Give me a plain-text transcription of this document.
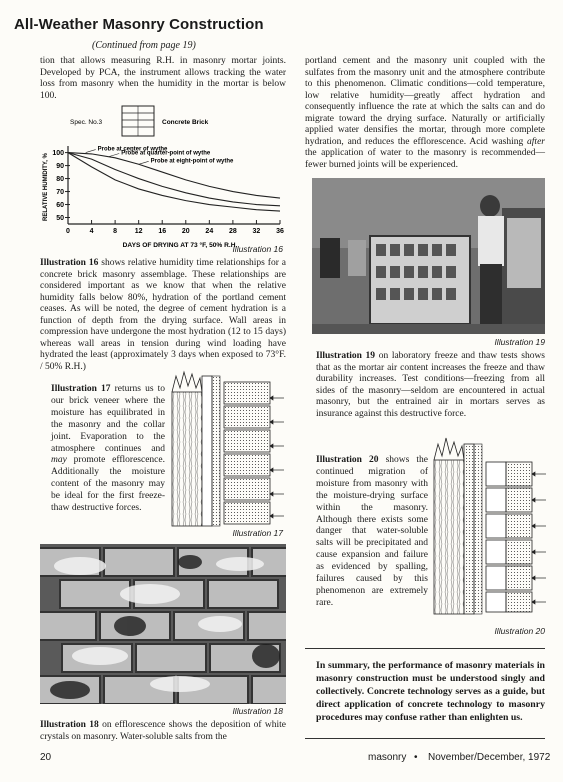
All-Weather Masonry Construction
(Continued from page 19)

tion that allows measuring R.H. in masonry mortar joints. Developed by PCA, the instrument allows tracking the water loss from masonry when the humidity in the mortar is below 100.

Spec. No.3	Concrete Brick
50
60
70
80
90
100
0	4	8	12 16 20 24 28 32 36
DAYS OF DRYING AT 73 °F, 50% R.H.
RELATIVE HUMIDITY, %
Probe at center of wythe
Probe at quarter-point of wythe
Probe at eight-point of wythe
Illustration 16

Illustration 16 shows relative humidity time relationships for a concrete brick masonry assemblage. These relationships are considered important as we know that when the relative humidity falls below 80%, hydration of the portland cement ceases. As will be noted, the degree of cement hydration is a function of depth from the drying surface. Wall areas in compression have undergone the most hydration (12 to 15 days) whereas wall areas in tension during wind loading have hydrated the least (approximately 3 days when exposed to 73°F. / 50% R.H.)

Illustration 17 returns us to our brick veneer where the moisture has equilibrated in the masonry and the collar joint. Evaporation to the atmosphere continues and may promote efflorescence. Additionally the moisture content of the masonry may be ideal for the first freeze-thaw destructive forces.

Illustration 17
Illustration 18

Illustration 18 on efflorescence shows the deposition of white crystals on masonry. Water-soluble salts from the

portland cement and the masonry unit coupled with the sulfates from the masonry unit and the atmosphere contribute to this phenomenon. Climatic conditions—cold temperature, low relative humidity—greatly affect hydration and consequently influence the rate at which the salts can and do migrate toward the drying surface. Naturally or artificially applied water densifies the mortar, through more complete hydration, and reduces the efflorescence. Acid washing after the application of water to the masonry is recommended—fewer burned joints will be experienced.

Illustration 19

Illustration 19 on laboratory freeze and thaw tests shows that as the mortar air content increases the freeze and thaw durability increases. Test conditions—freezing from all sides of the masonry—seldom are encountered in actual masonry, but the entrained air in mortars serves as insurance against this destructive force.

Illustration 20 shows the continued migration of moisture from masonry with the moisture-drying surface within the masonry. Although there exists some danger that water-soluble salts will be precipitated and cause expansion and failure as evidenced by spalling, failures caused by this phenomenon are extremely rare.

Illustration 20

In summary, the performance of masonry materials in masonry construction must be understood singly and collectively. Concrete technology serves as a guide, but direct application of concrete technology to masonry procedures may confuse rather than enlighten us.

20	masonry • November/December, 1972
